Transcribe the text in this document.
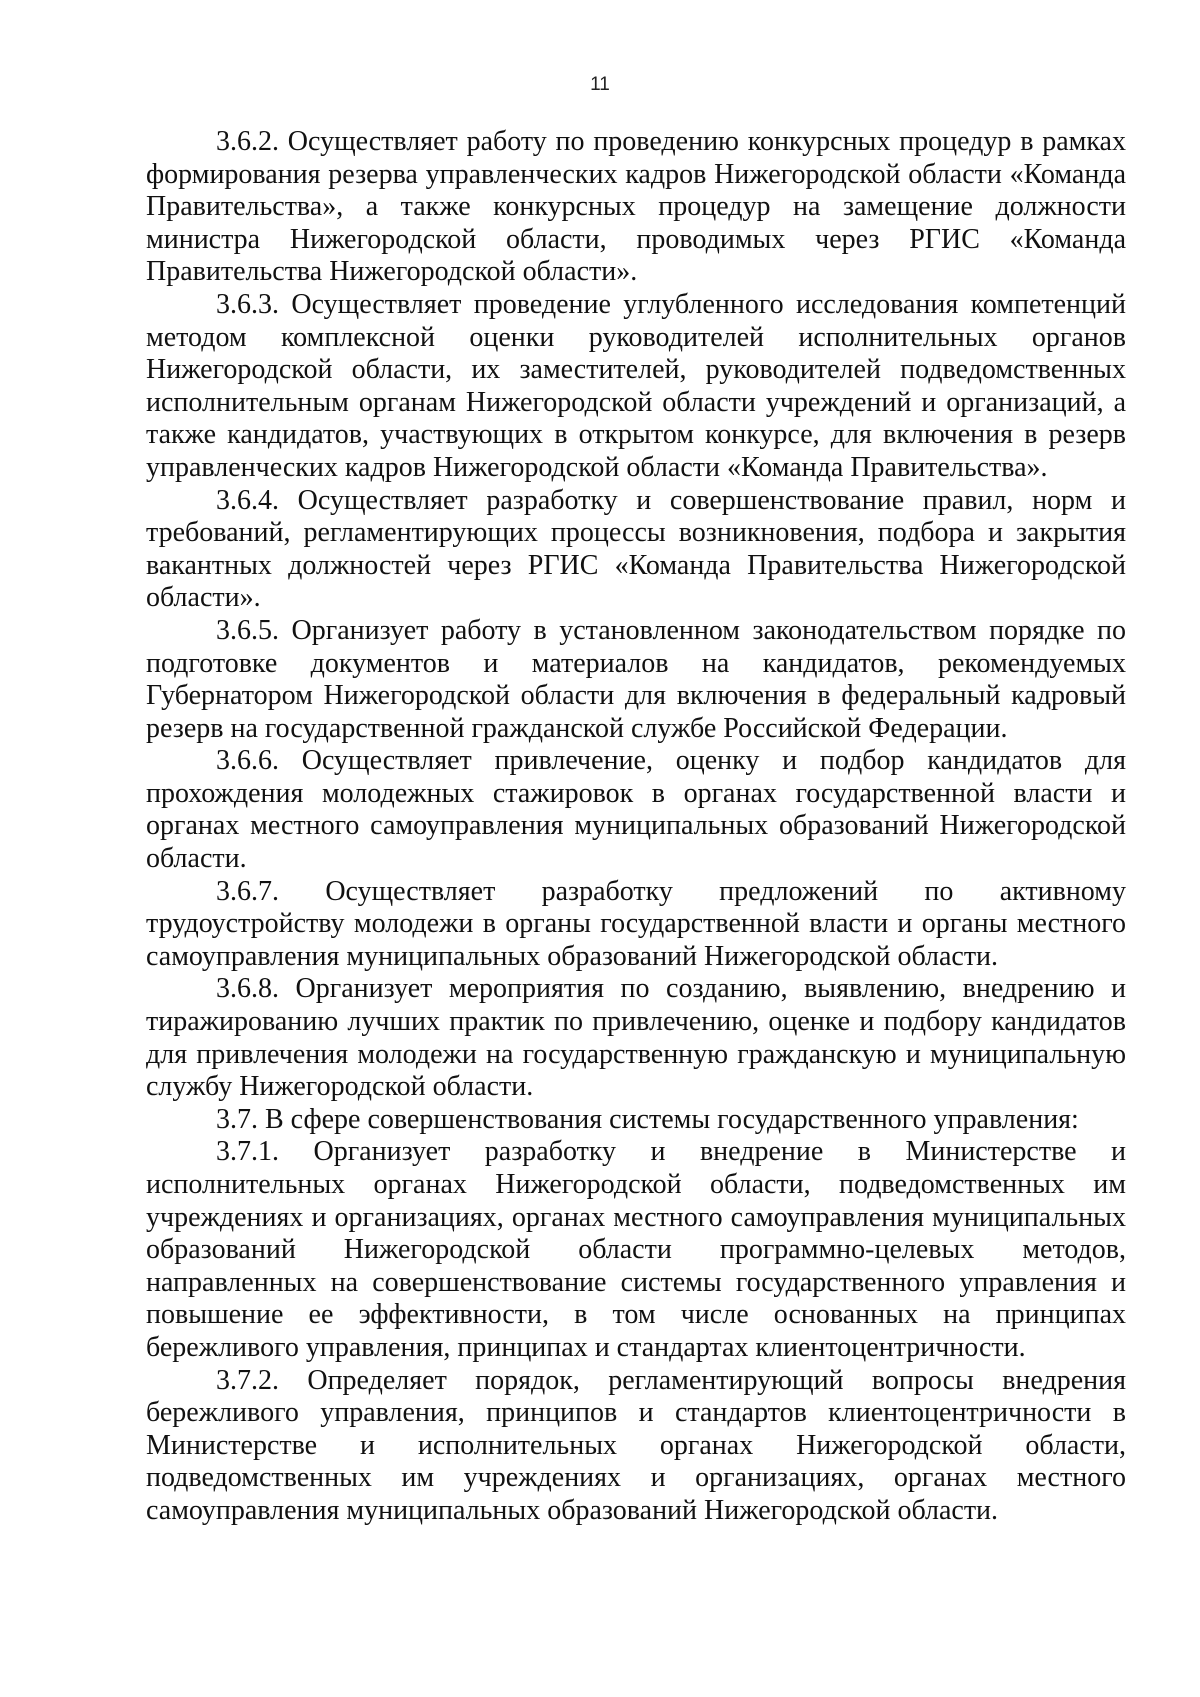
11

3.6.2. Осуществляет работу по проведению конкурсных процедур в рамках формирования резерва управленческих кадров Нижегородской области «Команда Правительства», а также конкурсных процедур на замещение должности министра Нижегородской области, проводимых через РГИС «Команда Правительства Нижегородской области».

3.6.3. Осуществляет проведение углубленного исследования компетенций методом комплексной оценки руководителей исполнительных органов Нижегородской области, их заместителей, руководителей подведомственных исполнительным органам Нижегородской области учреждений и организаций, а также кандидатов, участвующих в открытом конкурсе, для включения в резерв управленческих кадров Нижегородской области «Команда Правительства».

3.6.4. Осуществляет разработку и совершенствование правил, норм и требований, регламентирующих процессы возникновения, подбора и закрытия вакантных должностей через РГИС «Команда Правительства Нижегородской области».

3.6.5. Организует работу в установленном законодательством порядке по подготовке документов и материалов на кандидатов, рекомендуемых Губернатором Нижегородской области для включения в федеральный кадровый резерв на государственной гражданской службе Российской Федерации.

3.6.6. Осуществляет привлечение, оценку и подбор кандидатов для прохождения молодежных стажировок в органах государственной власти и органах местного самоуправления муниципальных образований Нижегородской области.

3.6.7. Осуществляет разработку предложений по активному трудоустройству молодежи в органы государственной власти и органы местного самоуправления муниципальных образований Нижегородской области.

3.6.8. Организует мероприятия по созданию, выявлению, внедрению и тиражированию лучших практик по привлечению, оценке и подбору кандидатов для привлечения молодежи на государственную гражданскую и муниципальную службу Нижегородской области.

3.7. В сфере совершенствования системы государственного управления:

3.7.1. Организует разработку и внедрение в Министерстве и исполнительных органах Нижегородской области, подведомственных им учреждениях и организациях, органах местного самоуправления муниципальных образований Нижегородской области программно-целевых методов, направленных на совершенствование системы государственного управления и повышение ее эффективности, в том числе основанных на принципах бережливого управления, принципах и стандартах клиентоцентричности.

3.7.2. Определяет порядок, регламентирующий вопросы внедрения бережливого управления, принципов и стандартов клиентоцентричности в Министерстве и исполнительных органах Нижегородской области, подведомственных им учреждениях и организациях, органах местного самоуправления муниципальных образований Нижегородской области.
